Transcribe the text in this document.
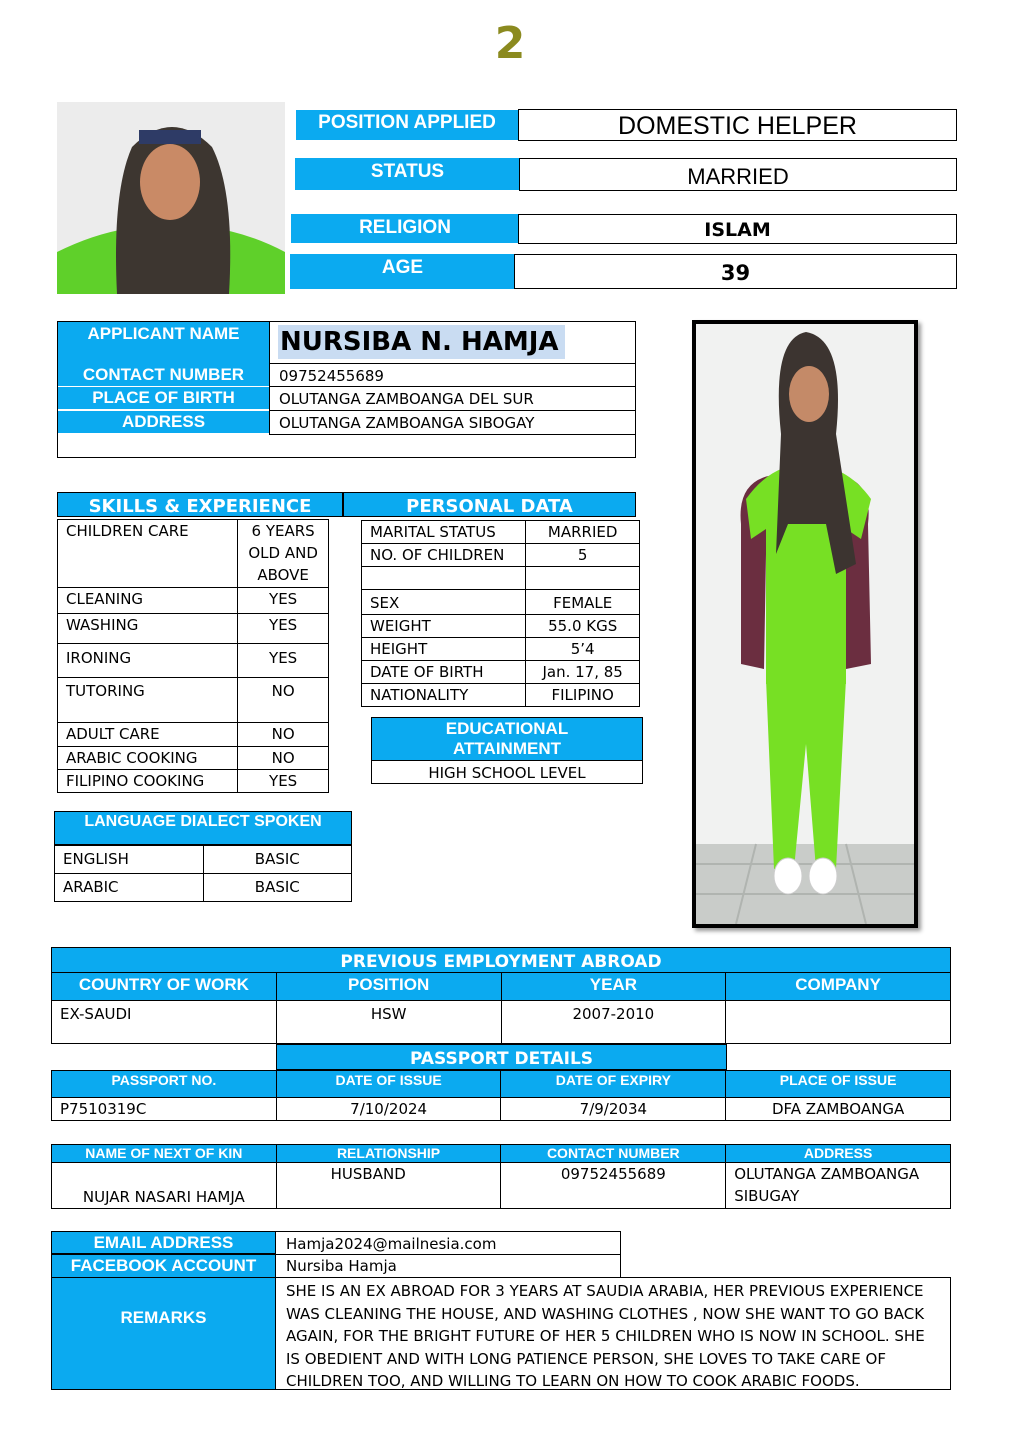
2
POSITION APPLIED	DOMESTIC HELPER
STATUS	MARRIED
RELIGION	ISLAM
AGE	39
APPLICANT NAME	NURSIBA N. HAMJA
CONTACT NUMBER	09752455689
PLACE OF BIRTH	OLUTANGA ZAMBOANGA DEL SUR
ADDRESS	OLUTANGA ZAMBOANGA SIBOGAY
SKILLS & EXPERIENCE	PERSONAL DATA
CHILDREN CARE	6 YEARS OLD AND ABOVE
CLEANING	YES
WASHING	YES
IRONING	YES
TUTORING	NO
ADULT CARE	NO
ARABIC COOKING	NO
FILIPINO COOKING	YES
MARITAL STATUS	MARRIED
NO. OF CHILDREN	5

SEX	FEMALE
WEIGHT	55.0 KGS
HEIGHT	5’4
DATE OF BIRTH	Jan. 17, 85
NATIONALITY	FILIPINO
EDUCATIONAL ATTAINMENT
HIGH SCHOOL LEVEL
LANGUAGE DIALECT SPOKEN
ENGLISH	BASIC
ARABIC	BASIC
PREVIOUS EMPLOYMENT ABROAD
COUNTRY OF WORK	POSITION	YEAR	COMPANY
EX-SAUDI	HSW	2007-2010	
PASSPORT DETAILS
PASSPORT NO.	DATE OF ISSUE	DATE OF EXPIRY	PLACE OF ISSUE
P7510319C	7/10/2024	7/9/2034	DFA ZAMBOANGA
NAME OF NEXT OF KIN	RELATIONSHIP	CONTACT NUMBER	ADDRESS
NUJAR NASARI HAMJA	HUSBAND	09752455689	OLUTANGA ZAMBOANGA SIBUGAY
EMAIL ADDRESS	Hamja2024@mailnesia.com
FACEBOOK ACCOUNT	Nursiba Hamja
REMARKS
SHE IS AN EX ABROAD FOR 3 YEARS AT SAUDIA ARABIA, HER PREVIOUS EXPERIENCE WAS CLEANING THE HOUSE, AND WASHING CLOTHES , NOW SHE WANT TO GO BACK AGAIN, FOR THE BRIGHT FUTURE OF HER 5 CHILDREN WHO IS NOW IN SCHOOL. SHE IS OBEDIENT AND WITH LONG PATIENCE PERSON, SHE LOVES TO TAKE CARE OF CHILDREN TOO, AND WILLING TO LEARN ON HOW TO COOK ARABIC FOODS.
